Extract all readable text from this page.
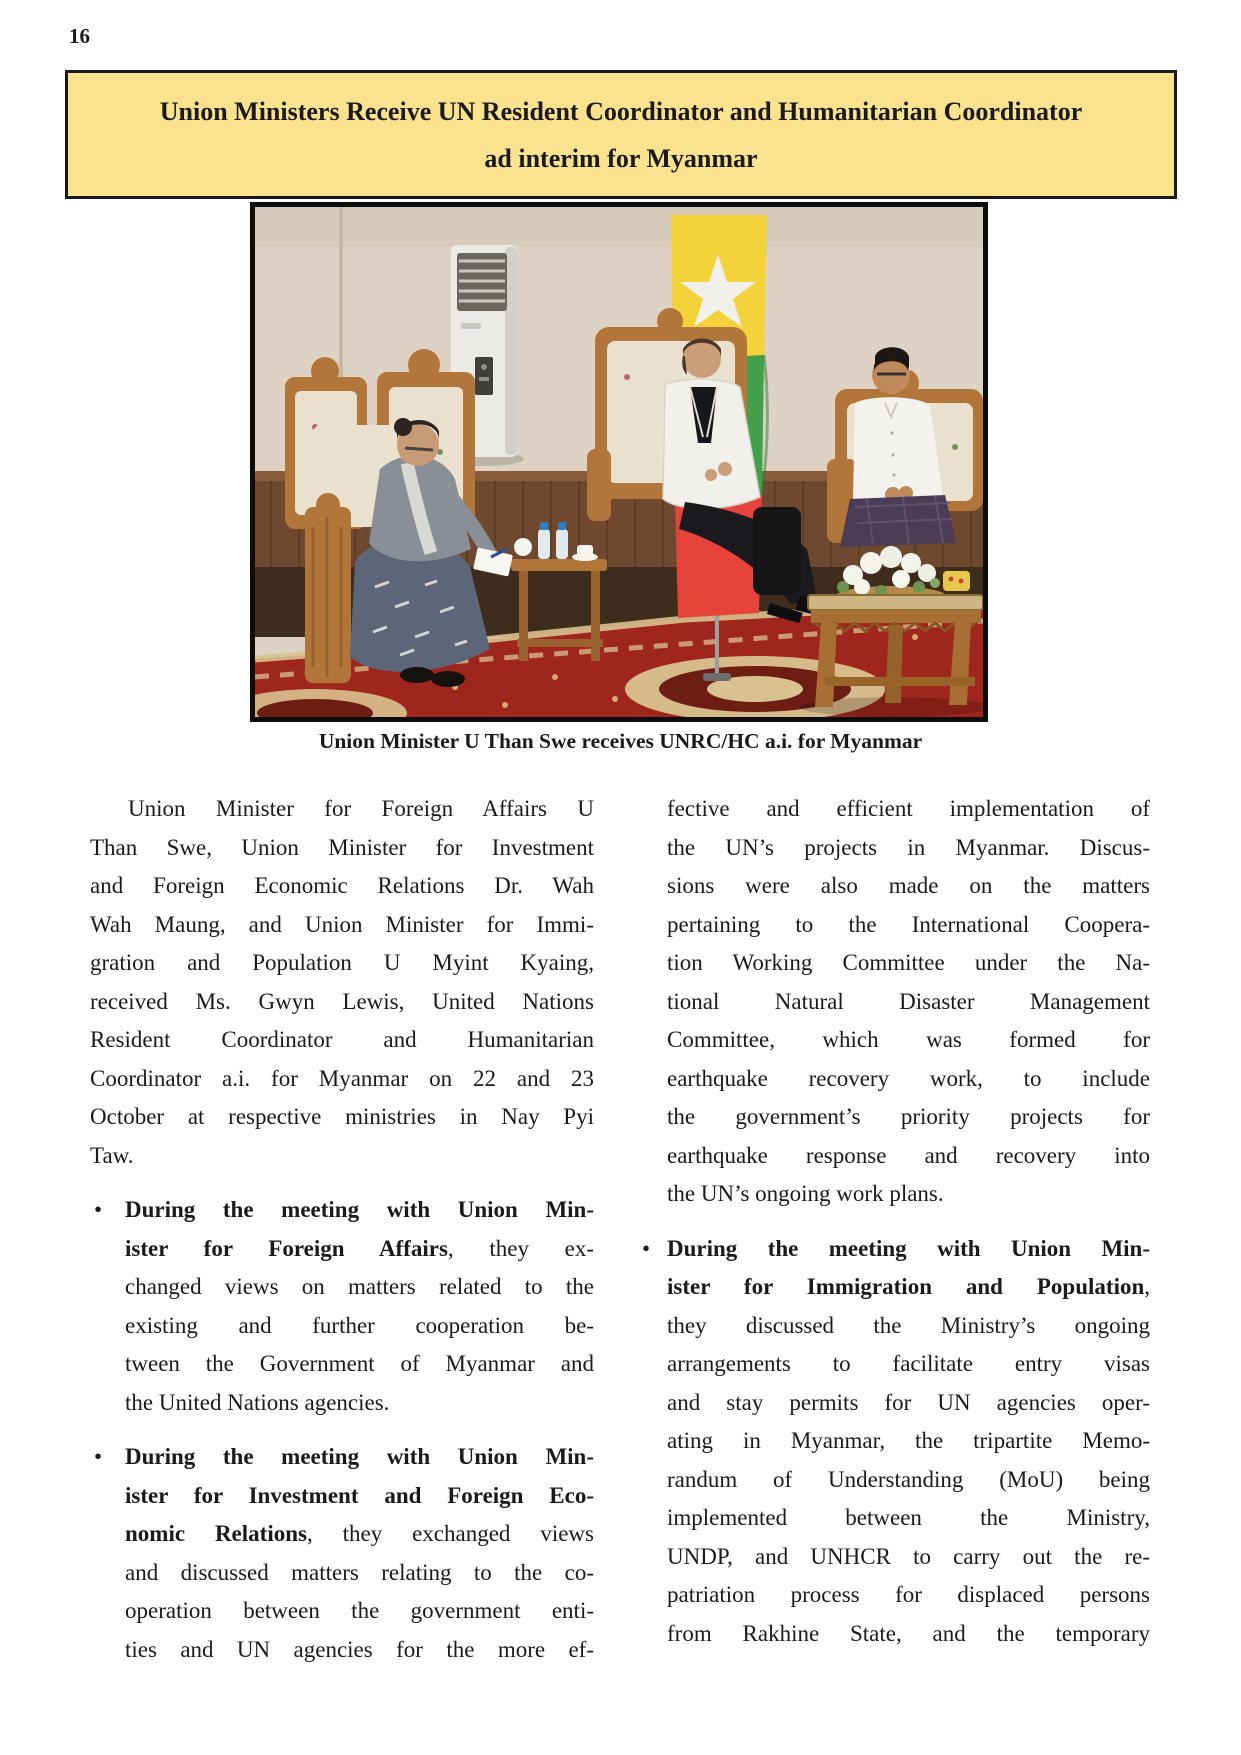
16
Union Ministers Receive UN Resident Coordinator and Humanitarian Coordinator
ad interim for Myanmar
Union Minister U Than Swe receives UNRC/HC a.i. for Myanmar
Union Minister for Foreign Affairs U
Than Swe, Union Minister for Investment
and Foreign Economic Relations Dr. Wah
Wah Maung, and Union Minister for Immi-
gration and Population U Myint Kyaing,
received Ms. Gwyn Lewis, United Nations
Resident Coordinator and Humanitarian
Coordinator a.i. for Myanmar on 22 and 23
October at respective ministries in Nay Pyi
Taw.
• During the meeting with Union Min-
ister for Foreign Affairs, they ex-
changed views on matters related to the
existing and further cooperation be-
tween the Government of Myanmar and
the United Nations agencies.
• During the meeting with Union Min-
ister for Investment and Foreign Eco-
nomic Relations, they exchanged views
and discussed matters relating to the co-
operation between the government enti-
ties and UN agencies for the more ef-
fective and efficient implementation of
the UN’s projects in Myanmar. Discus-
sions were also made on the matters
pertaining to the International Coopera-
tion Working Committee under the Na-
tional Natural Disaster Management
Committee, which was formed for
earthquake recovery work, to include
the government’s priority projects for
earthquake response and recovery into
the UN’s ongoing work plans.
• During the meeting with Union Min-
ister for Immigration and Population,
they discussed the Ministry’s ongoing
arrangements to facilitate entry visas
and stay permits for UN agencies oper-
ating in Myanmar, the tripartite Memo-
randum of Understanding (MoU) being
implemented between the Ministry,
UNDP, and UNHCR to carry out the re-
patriation process for displaced persons
from Rakhine State, and the temporary
